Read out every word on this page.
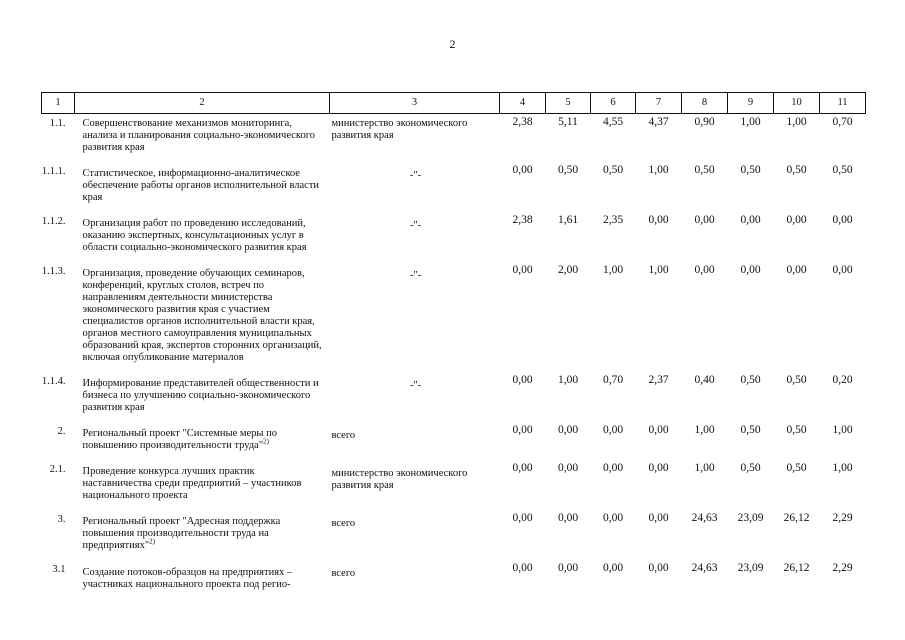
2
1	2	3	4	5	6	7	8	9	10	11
1.1.	Совершенствование механизмов мониторинга, анализа и планирования социально-экономического развития края	министерство экономического развития края	2,38	5,11	4,55	4,37	0,90	1,00	1,00	0,70
1.1.1.	Статистическое, информационно-аналитическое обеспечение работы органов исполнительной власти края	-"-	0,00	0,50	0,50	1,00	0,50	0,50	0,50	0,50
1.1.2.	Организация работ по проведению исследований, оказанию экспертных, консультационных услуг в области социально-экономического развития края	-"-	2,38	1,61	2,35	0,00	0,00	0,00	0,00	0,00
1.1.3.	Организация, проведение обучающих семинаров, конференций, круглых столов, встреч по направлениям деятельности министерства экономического развития края с участием специалистов органов исполнительной власти края, органов местного самоуправления муниципальных образований края, экспертов сторонних организаций, включая опубликование материалов	-"-	0,00	2,00	1,00	1,00	0,00	0,00	0,00	0,00
1.1.4.	Информирование представителей общественности и бизнеса по улучшению социально-экономического развития края	-"-	0,00	1,00	0,70	2,37	0,40	0,50	0,50	0,20
2.	Региональный проект "Системные меры по повышению производительности труда"$^{2)}$	всего	0,00	0,00	0,00	0,00	1,00	0,50	0,50	1,00
2.1.	Проведение конкурса лучших практик наставничества среди предприятий – участников национального проекта	министерство экономического развития края	0,00	0,00	0,00	0,00	1,00	0,50	0,50	1,00
3.	Региональный проект "Адресная поддержка повышения производительности труда на предприятиях"$^{2)}$	всего	0,00	0,00	0,00	0,00	24,63	23,09	26,12	2,29
3.1	Создание потоков-образцов на предприятиях – участниках национального проекта под регио-	всего	0,00	0,00	0,00	0,00	24,63	23,09	26,12	2,29
